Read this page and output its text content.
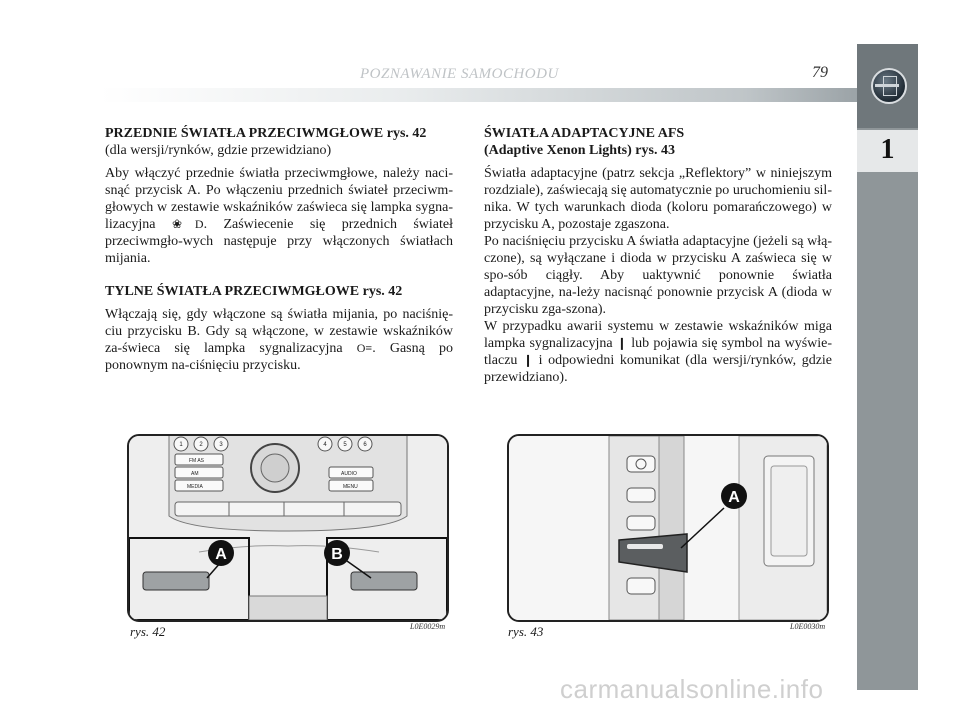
POZNAWANIE SAMOCHODU	79
1
PRZEDNIE ŚWIATŁA PRZECIWMGŁOWE rys. 42
(dla wersji/rynków, gdzie przewidziano)

Aby włączyć przednie światła przeciwmgłowe, należy naci-snąć przycisk A. Po włączeniu przednich świateł przeciwm-głowych w zestawie wskaźników zaświeca się lampka sygna-lizacyjna ❀D. Zaświecenie się przednich świateł przeciwmgło-wych następuje przy włączonych światłach mijania.

TYLNE ŚWIATŁA PRZECIWMGŁOWE rys. 42

Włączają się, gdy włączone są światła mijania, po naciśnię-ciu przycisku B. Gdy są włączone, w zestawie wskaźników za-świeca się lampka sygnalizacyjna O≡. Gasną po ponownym na-ciśnięciu przycisku.

ŚWIATŁA ADAPTACYJNE AFS
(Adaptive Xenon Lights) rys. 43

Światła adaptacyjne (patrz sekcja „Reflektory” w niniejszym rozdziale), zaświecają się automatycznie po uruchomieniu sil-nika. W tych warunkach dioda (koloru pomarańczowego) w przycisku A, pozostaje zgaszona.

Po naciśnięciu przycisku A światła adaptacyjne (jeżeli są włą-czone), są wyłączane i dioda w przycisku A zaświeca się w spo-sób ciągły. Aby uaktywnić ponownie światła adaptacyjne, na-leży nacisnąć ponownie przycisk A (dioda w przycisku zga-szona).

W przypadku awarii systemu w zestawie wskaźników miga lampka sygnalizacyjna ❙ lub pojawia się symbol na wyświe-tlaczu ❙ i odpowiedni komunikat (dla wersji/rynków, gdzie przewidziano).

1	2	3	4	5	6
FM AS
AM
MEDIA
AUDIO
MENU
A	B
rys. 42	L0E0029m
A
rys. 43	L0E0030m
carmanualsonline.info
